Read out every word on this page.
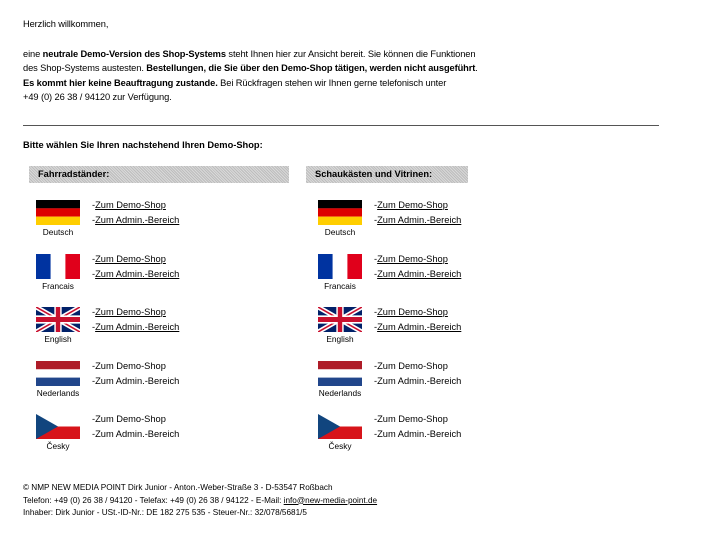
Herzlich willkommen,

eine neutrale Demo-Version des Shop-Systems steht Ihnen hier zur Ansicht bereit. Sie können die Funktionen

des Shop-Systems austesten. Bestellungen, die Sie über den Demo-Shop tätigen, werden nicht ausgeführt.

Es kommt hier keine Beauftragung zustande. Bei Rückfragen stehen wir Ihnen gerne telefonisch unter

+49 (0) 26 38 / 94120 zur Verfügung.

Bitte wählen Sie Ihren nachstehend Ihren Demo-Shop:
Fahrradständer:	Schaukästen und Vitrinen:
Deutsch
-Zum Demo-Shop
-Zum Admin.-Bereich
Francais
-Zum Demo-Shop
-Zum Admin.-Bereich
English
-Zum Demo-Shop
-Zum Admin.-Bereich
Nederlands
-Zum Demo-Shop
-Zum Admin.-Bereich
Česky
-Zum Demo-Shop
-Zum Admin.-Bereich
Deutsch
-Zum Demo-Shop
-Zum Admin.-Bereich
Francais
-Zum Demo-Shop
-Zum Admin.-Bereich
English
-Zum Demo-Shop
-Zum Admin.-Bereich
Nederlands
-Zum Demo-Shop
-Zum Admin.-Bereich
Česky
-Zum Demo-Shop
-Zum Admin.-Bereich
© NMP NEW MEDIA POINT Dirk Junior - Anton.-Weber-Straße 3 - D-53547 Roßbach
Telefon: +49 (0) 26 38 / 94120 - Telefax: +49 (0) 26 38 / 94122 - E-Mail: info@new-media-point.de
Inhaber: Dirk Junior - USt.-ID-Nr.: DE 182 275 535 - Steuer-Nr.: 32/078/5681/5
